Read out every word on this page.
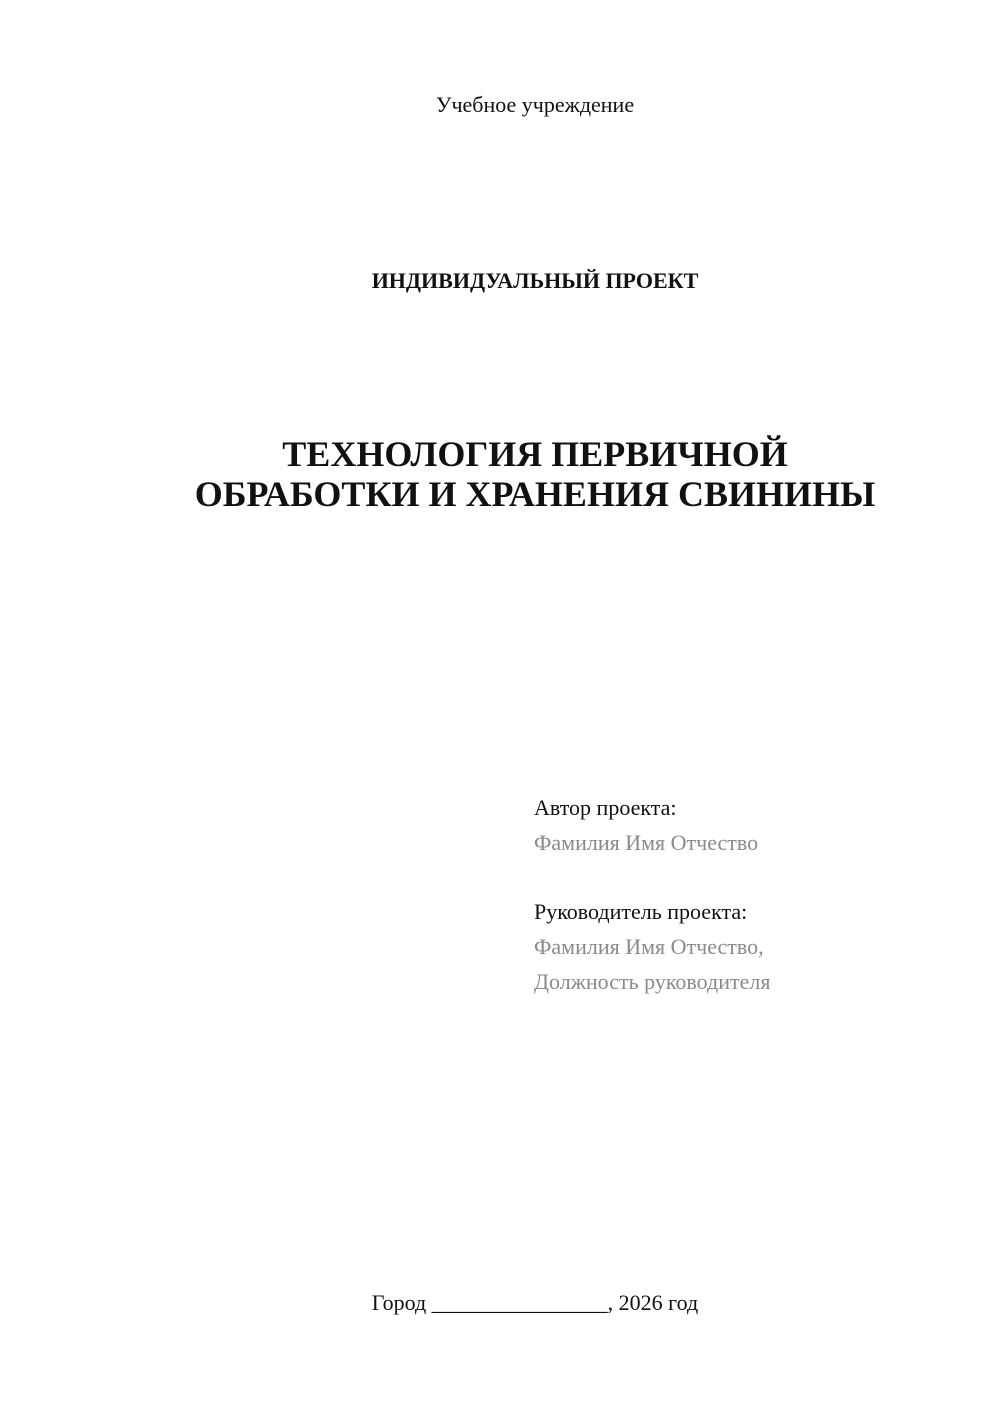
Учебное учреждение
ИНДИВИДУАЛЬНЫЙ ПРОЕКТ
ТЕХНОЛОГИЯ ПЕРВИЧНОЙ
ОБРАБОТКИ И ХРАНЕНИЯ СВИНИНЫ
Автор проекта:
Фамилия Имя Отчество
Руководитель проекта:
Фамилия Имя Отчество,
Должность руководителя
Город ________________, 2026 год
